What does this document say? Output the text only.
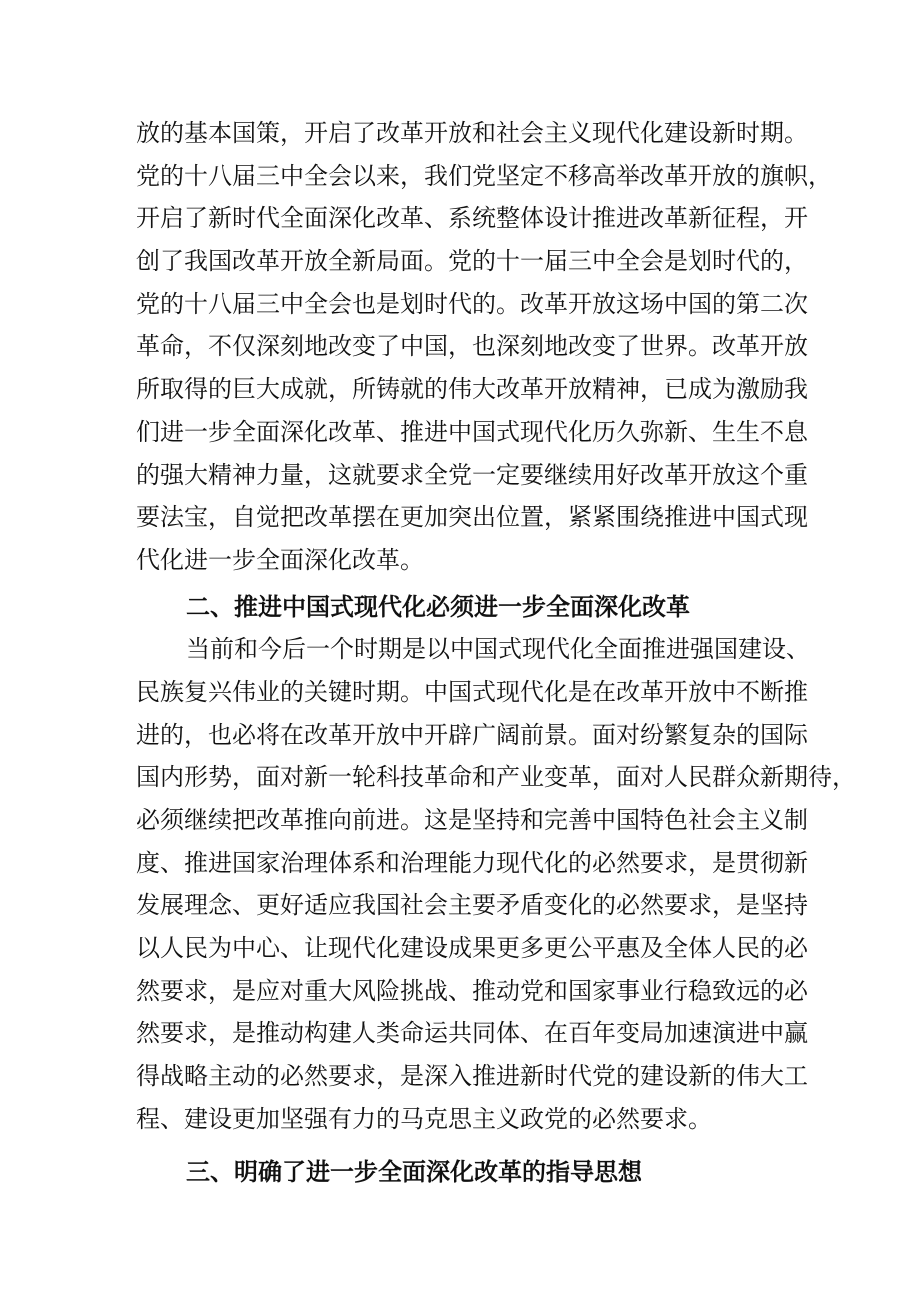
放的基本国策，开启了改革开放和社会主义现代化建设新时期。
党的十八届三中全会以来，我们党坚定不移高举改革开放的旗帜，
开启了新时代全面深化改革、系统整体设计推进改革新征程，开
创了我国改革开放全新局面。党的十一届三中全会是划时代的，
党的十八届三中全会也是划时代的。改革开放这场中国的第二次
革命，不仅深刻地改变了中国，也深刻地改变了世界。改革开放
所取得的巨大成就，所铸就的伟大改革开放精神，已成为激励我
们进一步全面深化改革、推进中国式现代化历久弥新、生生不息
的强大精神力量，这就要求全党一定要继续用好改革开放这个重
要法宝，自觉把改革摆在更加突出位置，紧紧围绕推进中国式现
代化进一步全面深化改革。
二、推进中国式现代化必须进一步全面深化改革
当前和今后一个时期是以中国式现代化全面推进强国建设、
民族复兴伟业的关键时期。中国式现代化是在改革开放中不断推
进的，也必将在改革开放中开辟广阔前景。面对纷繁复杂的国际
国内形势，面对新一轮科技革命和产业变革，面对人民群众新期待，
必须继续把改革推向前进。这是坚持和完善中国特色社会主义制
度、推进国家治理体系和治理能力现代化的必然要求，是贯彻新
发展理念、更好适应我国社会主要矛盾变化的必然要求，是坚持
以人民为中心、让现代化建设成果更多更公平惠及全体人民的必
然要求，是应对重大风险挑战、推动党和国家事业行稳致远的必
然要求，是推动构建人类命运共同体、在百年变局加速演进中赢
得战略主动的必然要求，是深入推进新时代党的建设新的伟大工
程、建设更加坚强有力的马克思主义政党的必然要求。
三、明确了进一步全面深化改革的指导思想
